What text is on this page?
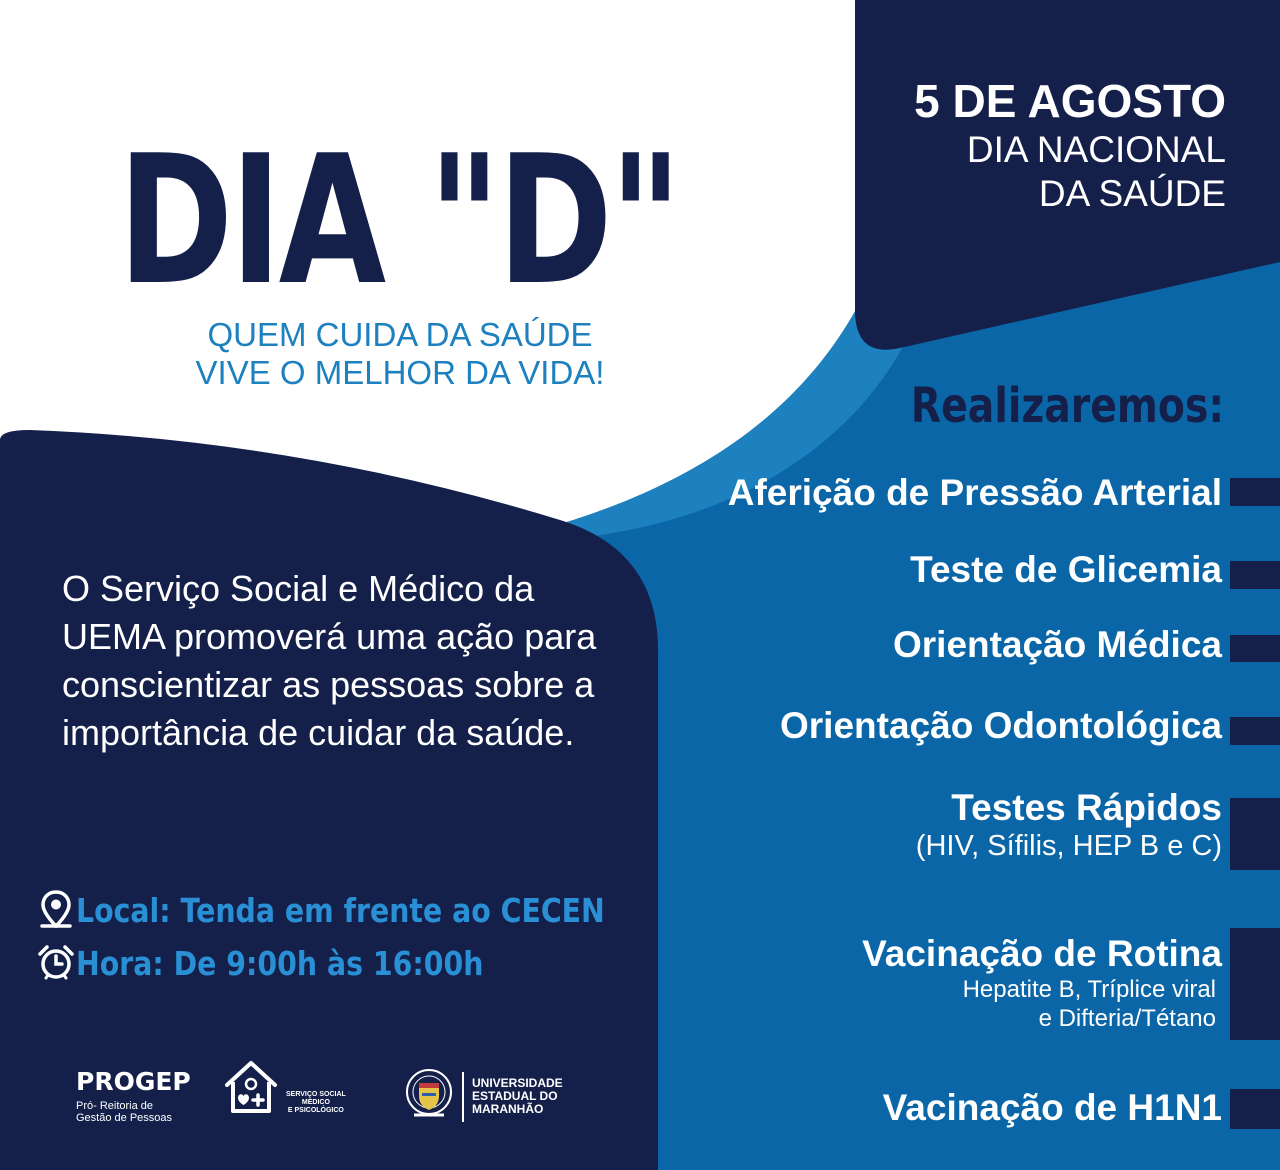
DIA "D"
QUEM CUIDA DA SAÚDE
VIVE O MELHOR DA VIDA!
5 DE AGOSTO
DIA NACIONAL
DA SAÚDE
Realizaremos:
Aferição de Pressão Arterial
Teste de Glicemia
Orientação Médica
Orientação Odontológica
Testes Rápidos
(HIV, Sífilis, HEP B e C)
Vacinação de Rotina
Hepatite B, Tríplice viral
e Difteria/Tétano
Vacinação de H1N1

O Serviço Social e Médico da UEMA promoverá uma ação para conscientizar as pessoas sobre a importância de cuidar da saúde.

Local: Tenda em frente ao CECEN
Hora: De 9:00h às 16:00h
PROGEP
Pró- Reitoria de
Gestão de Pessoas
SERVIÇO SOCIAL
MÉDICO
E PSICOLÓGICO
UNIVERSIDADE
ESTADUAL DO
MARANHÃO
